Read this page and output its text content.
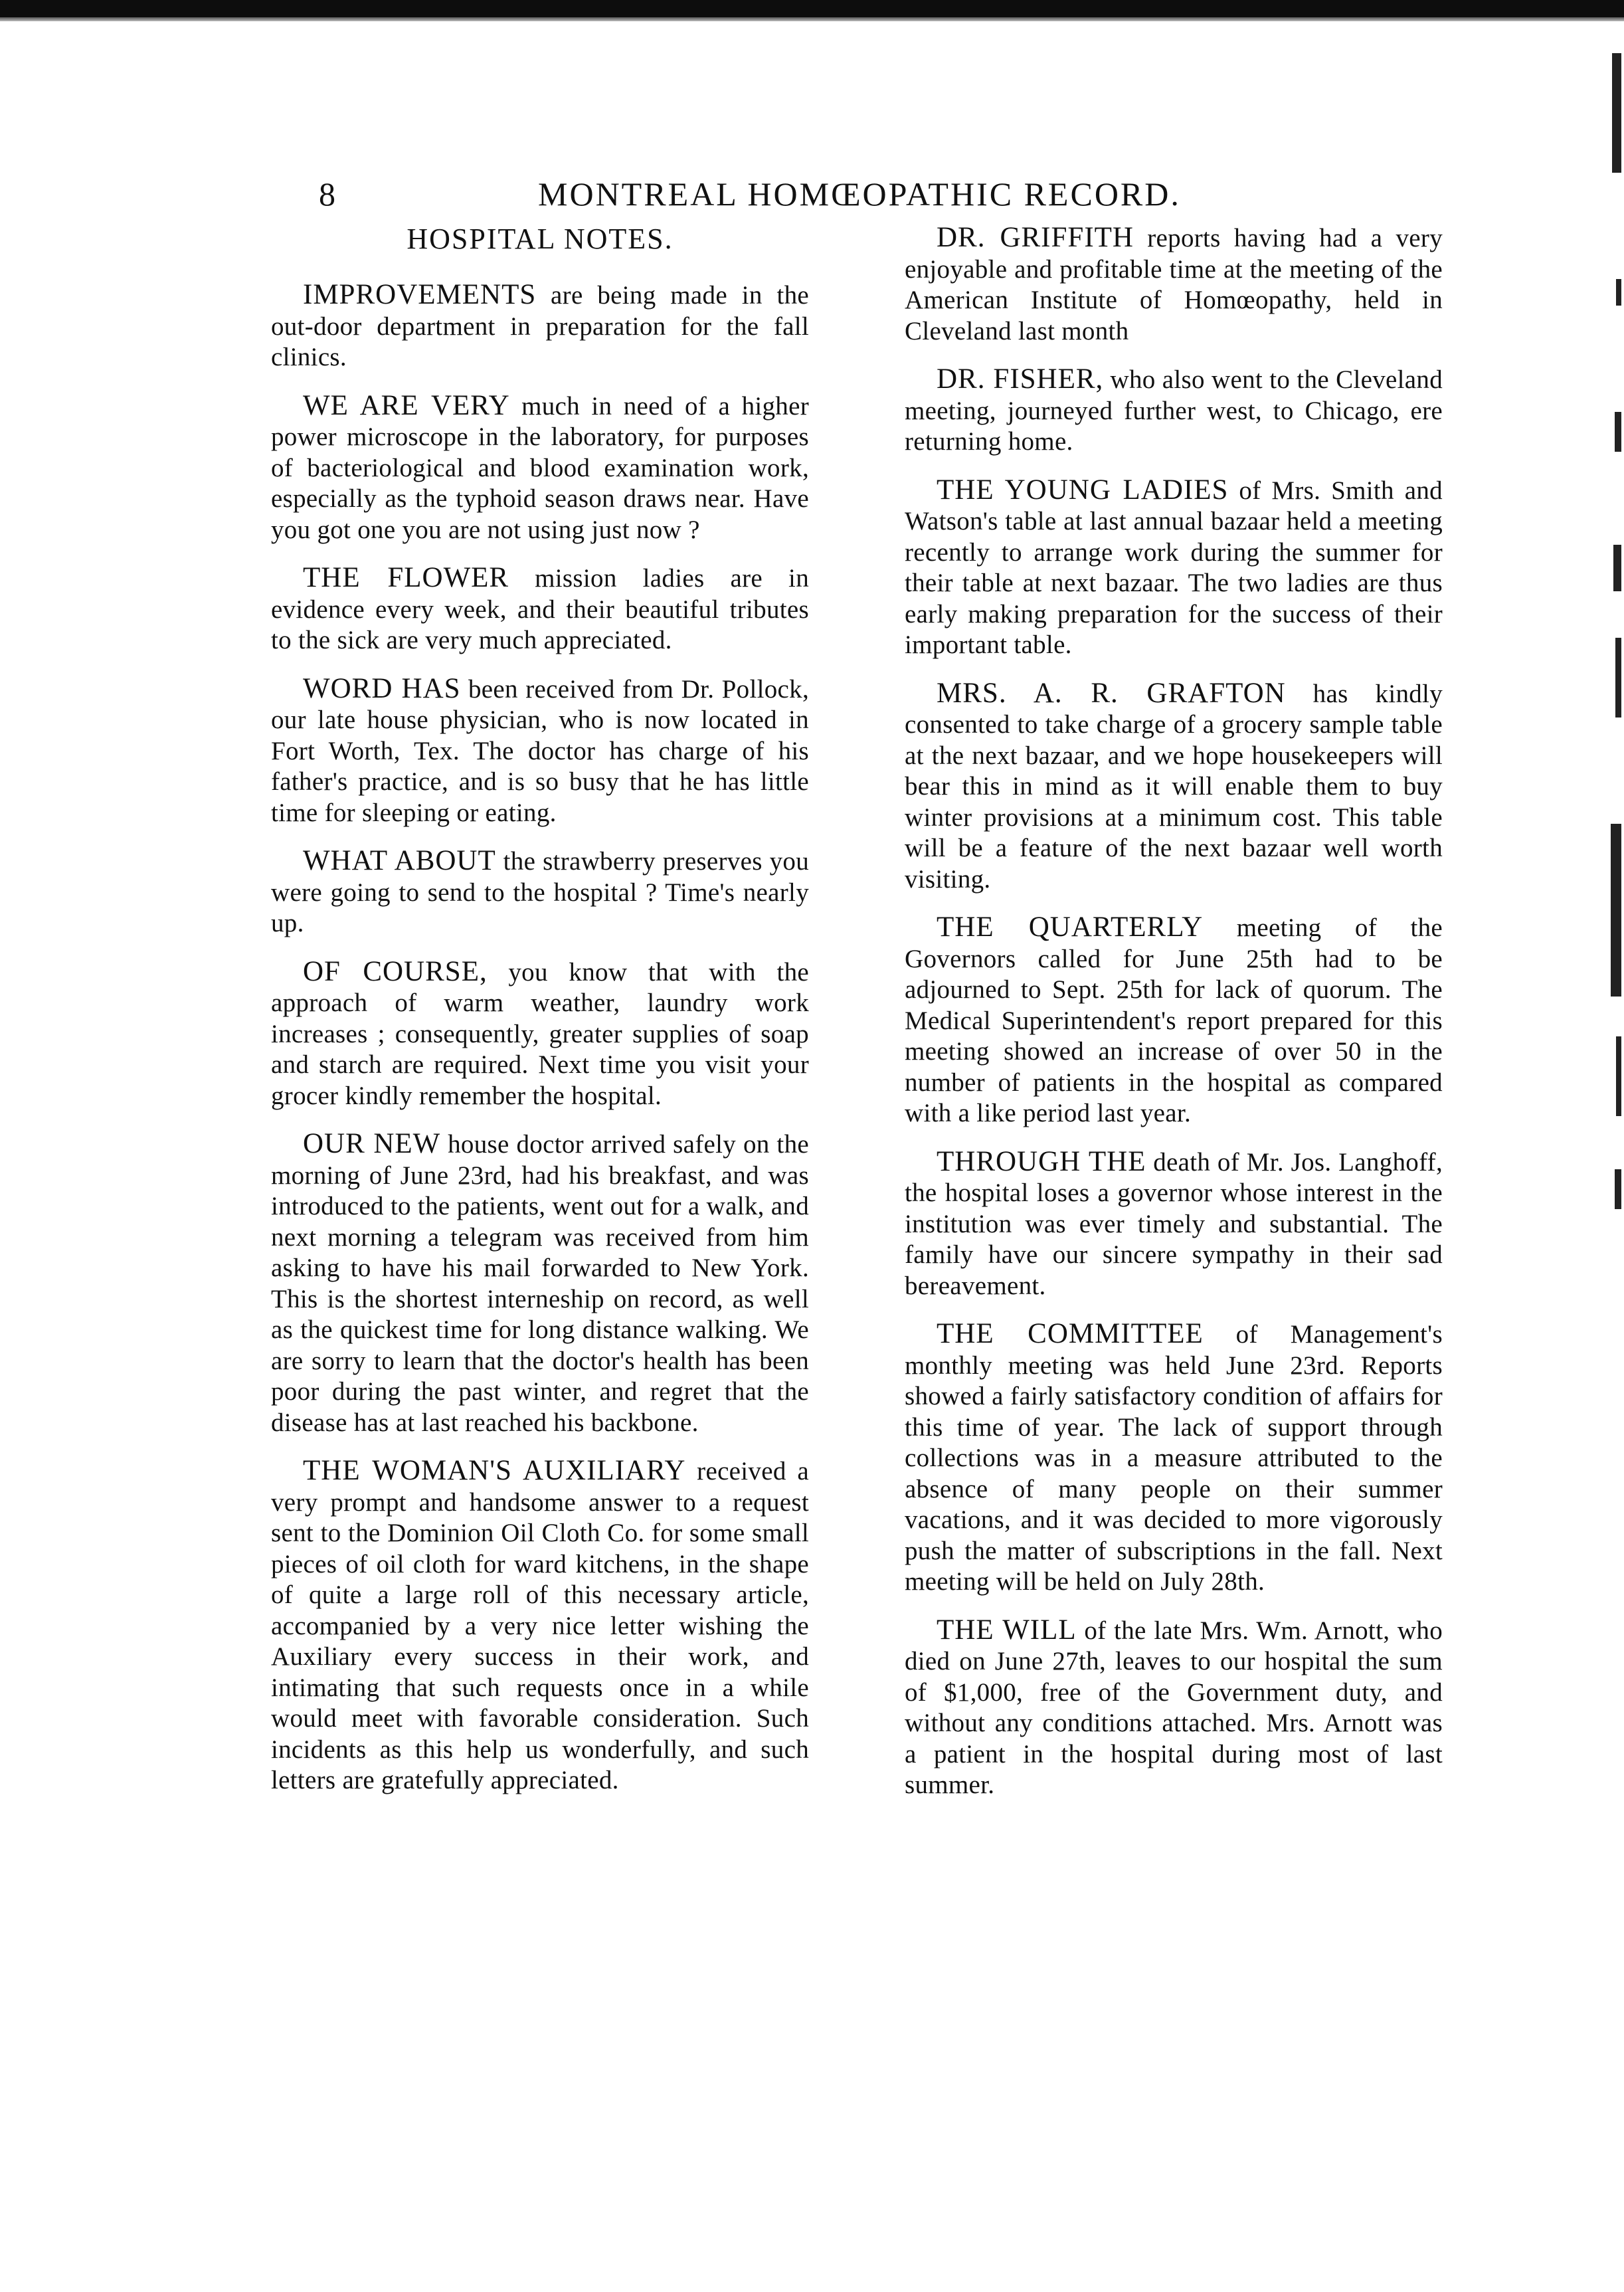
8	MONTREAL HOMŒOPATHIC RECORD.
HOSPITAL NOTES.

IMPROVEMENTS are being made in the out-door department in preparation for the fall clinics.

WE ARE VERY much in need of a higher power microscope in the laboratory, for purposes of bacteriological and blood examination work, especially as the typhoid season draws near. Have you got one you are not using just now ?

THE FLOWER mission ladies are in evidence every week, and their beautiful tributes to the sick are very much appreciated.

WORD HAS been received from Dr. Pollock, our late house physician, who is now located in Fort Worth, Tex. The doctor has charge of his father's practice, and is so busy that he has little time for sleeping or eating.

WHAT ABOUT the strawberry preserves you were going to send to the hospital ? Time's nearly up.

OF COURSE, you know that with the approach of warm weather, laundry work increases ; consequently, greater supplies of soap and starch are required. Next time you visit your grocer kindly remember the hospital.

OUR NEW house doctor arrived safely on the morning of June 23rd, had his breakfast, and was introduced to the patients, went out for a walk, and next morning a telegram was received from him asking to have his mail forwarded to New York. This is the shortest interneship on record, as well as the quickest time for long distance walking. We are sorry to learn that the doctor's health has been poor during the past winter, and regret that the disease has at last reached his backbone.

THE WOMAN'S AUXILIARY received a very prompt and handsome answer to a request sent to the Dominion Oil Cloth Co. for some small pieces of oil cloth for ward kitchens, in the shape of quite a large roll of this necessary article, accompanied by a very nice letter wishing the Auxiliary every success in their work, and intimating that such requests once in a while would meet with favorable consideration. Such incidents as this help us wonderfully, and such letters are gratefully appreciated.

DR. GRIFFITH reports having had a very enjoyable and profitable time at the meeting of the American Institute of Homœopathy, held in Cleveland last month

DR. FISHER, who also went to the Cleveland meeting, journeyed further west, to Chicago, ere returning home.

THE YOUNG LADIES of Mrs. Smith and Watson's table at last annual bazaar held a meeting recently to arrange work during the summer for their table at next bazaar. The two ladies are thus early making preparation for the success of their important table.

MRS. A. R. GRAFTON has kindly consented to take charge of a grocery sample table at the next bazaar, and we hope housekeepers will bear this in mind as it will enable them to buy winter provisions at a minimum cost. This table will be a feature of the next bazaar well worth visiting.

THE QUARTERLY meeting of the Governors called for June 25th had to be adjourned to Sept. 25th for lack of quorum. The Medical Superintendent's report prepared for this meeting showed an increase of over 50 in the number of patients in the hospital as compared with a like period last year.

THROUGH THE death of Mr. Jos. Langhoff, the hospital loses a governor whose interest in the institution was ever timely and substantial. The family have our sincere sympathy in their sad bereavement.

THE COMMITTEE of Management's monthly meeting was held June 23rd. Reports showed a fairly satisfactory condition of affairs for this time of year. The lack of support through collections was in a measure attributed to the absence of many people on their summer vacations, and it was decided to more vigorously push the matter of subscriptions in the fall. Next meeting will be held on July 28th.

THE WILL of the late Mrs. Wm. Arnott, who died on June 27th, leaves to our hospital the sum of $1,000, free of the Government duty, and without any conditions attached. Mrs. Arnott was a patient in the hospital during most of last summer.
